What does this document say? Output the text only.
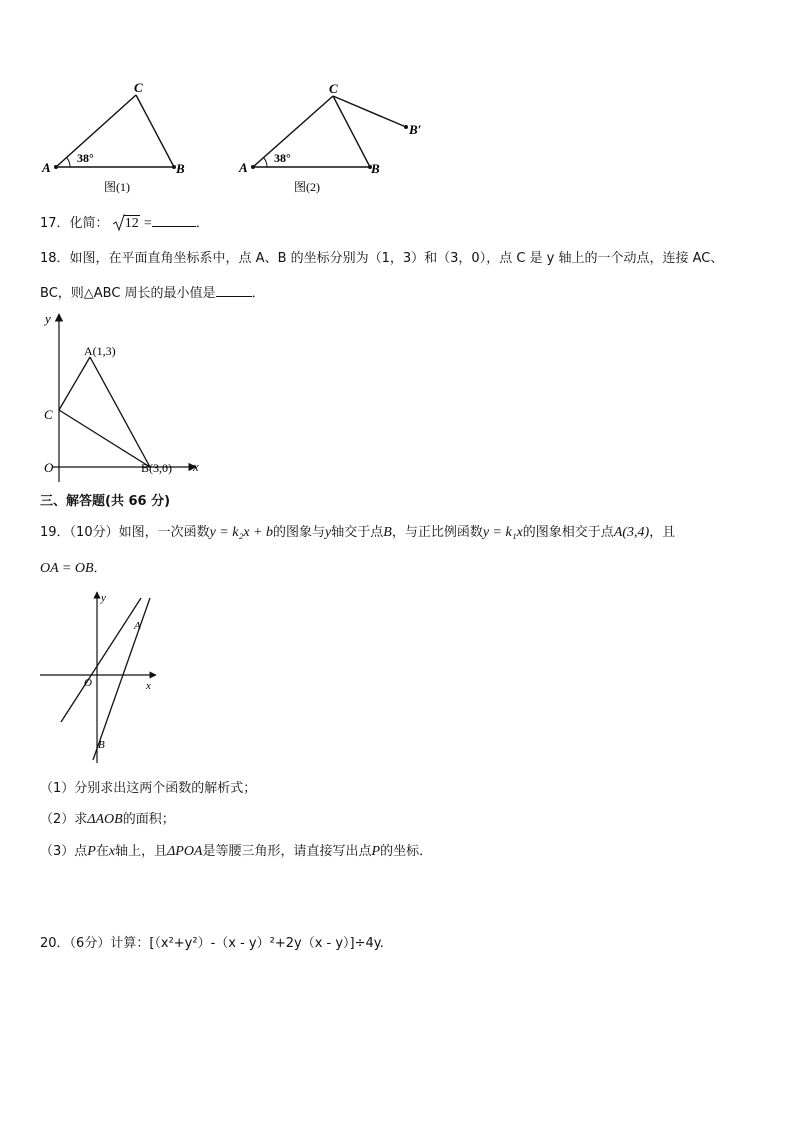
C
A	B
38°
图(1)
C
A	B
B′
38°
图(2)
17．化简： 12 =	．
18．如图，在平面直角坐标系中，点 A、B 的坐标分别为（1，3）和（3，0），点 C 是 y 轴上的一个动点，连接 AC、
BC，则△ABC 周长的最小值是	．
y
x
O
C
A(1,3)
B(3,0)
三、解答题(共 66 分)
19．（10分）如图，一次函数y = k₂x + b的图象与y轴交于点B，与正比例函数y = k₁x的图象相交于点A(3,4)，且
OA = OB．
y
x
O
A
B
（1）分别求出这两个函数的解析式；
（2）求ΔAOB的面积；
（3）点P在x轴上，且ΔPOA是等腰三角形，请直接写出点P的坐标．
20．（6分）计算：[（x²+y²）-（x - y）²+2y（x - y）]÷4y.
